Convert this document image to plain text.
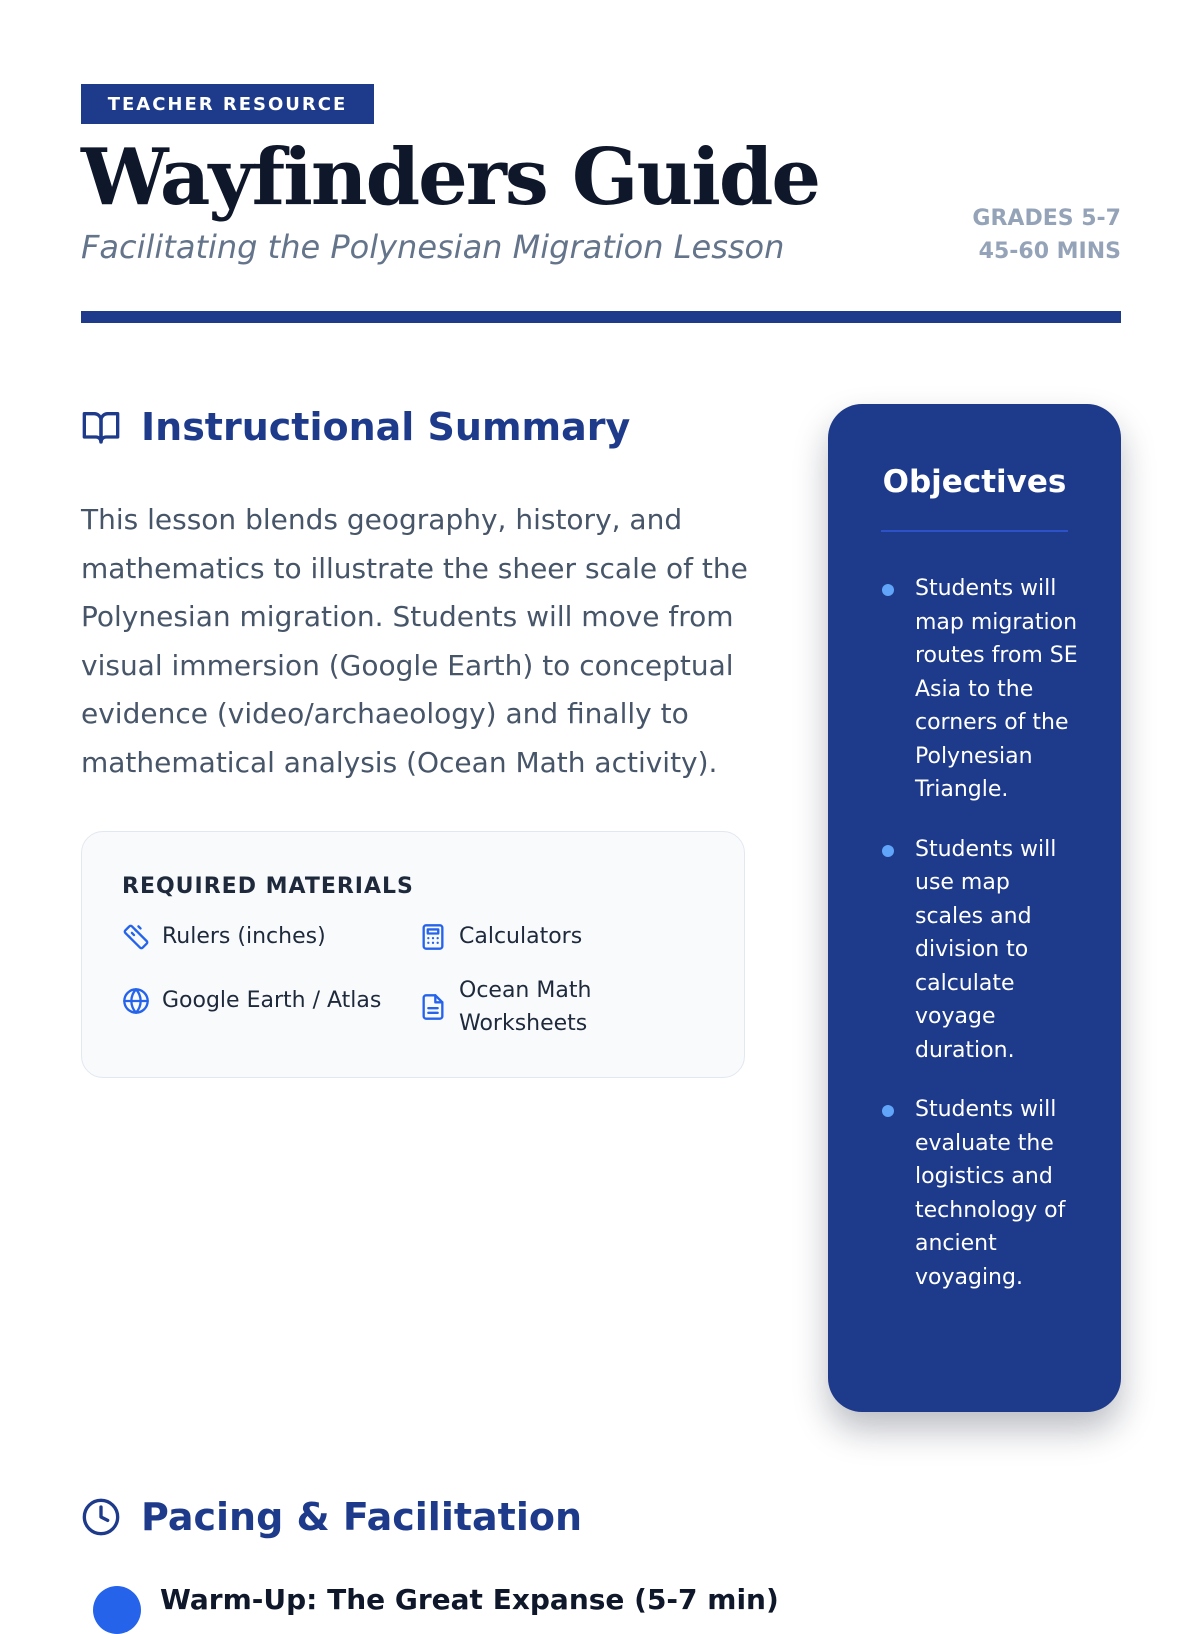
TEACHER RESOURCE
Wayfinders Guide
Facilitating the Polynesian Migration Lesson
GRADES 5-7
45-60 MINS
Instructional Summary

This lesson blends geography, history, and mathematics to illustrate the sheer scale of the Polynesian migration. Students will move from visual immersion (Google Earth) to conceptual evidence (video/archaeology) and finally to mathematical analysis (Ocean Math activity).

REQUIRED MATERIALS
Rulers (inches)	Calculators
Google Earth / Atlas	Ocean Math Worksheets
Objectives
Students will map migration routes from SE Asia to the corners of the Polynesian Triangle.
Students will use map scales and division to calculate voyage duration.
Students will evaluate the logistics and technology of ancient voyaging.
Pacing & Facilitation
Warm-Up: The Great Expanse (5-7 min)
